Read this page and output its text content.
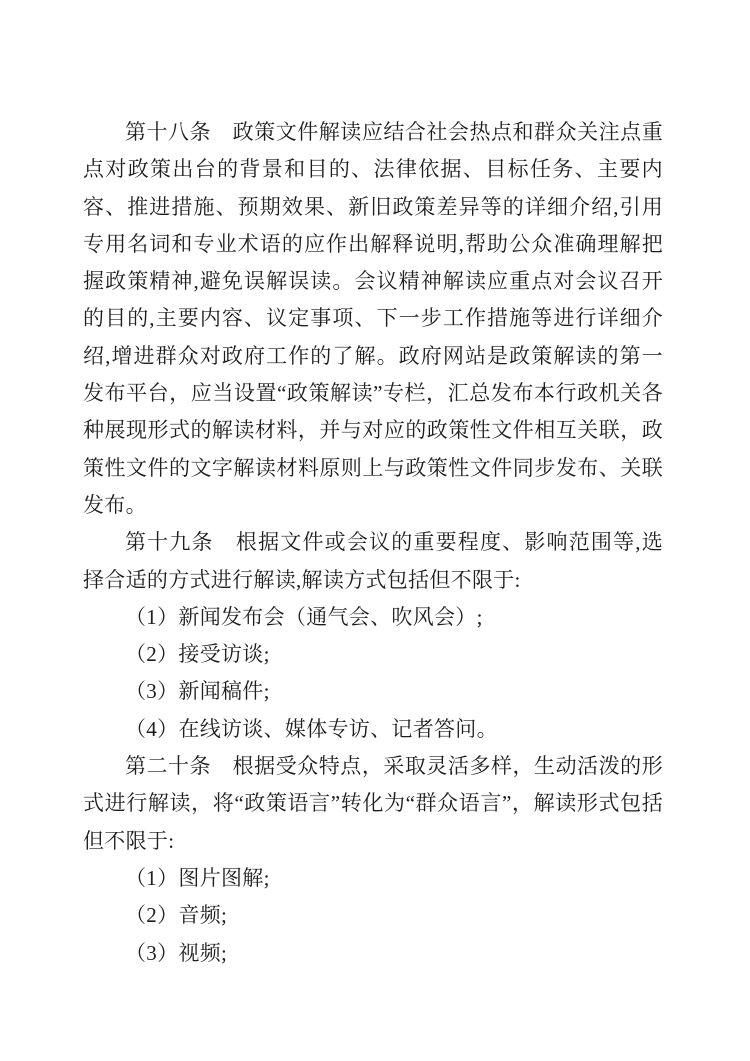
第十八条　政策文件解读应结合社会热点和群众关注点重点对政策出台的背景和目的、法律依据、目标任务、主要内容、推进措施、预期效果、新旧政策差异等的详细介绍,引用专用名词和专业术语的应作出解释说明,帮助公众准确理解把握政策精神,避免误解误读。会议精神解读应重点对会议召开的目的,主要内容、议定事项、下一步工作措施等进行详细介绍,增进群众对政府工作的了解。政府网站是政策解读的第一发布平台，应当设置“政策解读”专栏，汇总发布本行政机关各种展现形式的解读材料，并与对应的政策性文件相互关联，政策性文件的文字解读材料原则上与政策性文件同步发布、关联发布。

第十九条　根据文件或会议的重要程度、影响范围等,选择合适的方式进行解读,解读方式包括但不限于:

（1）新闻发布会（通气会、吹风会）;

（2）接受访谈;

（3）新闻稿件;

（4）在线访谈、媒体专访、记者答问。

第二十条　根据受众特点，采取灵活多样，生动活泼的形式进行解读，将“政策语言”转化为“群众语言”，解读形式包括但不限于:

（1）图片图解;

（2）音频;

（3）视频;
